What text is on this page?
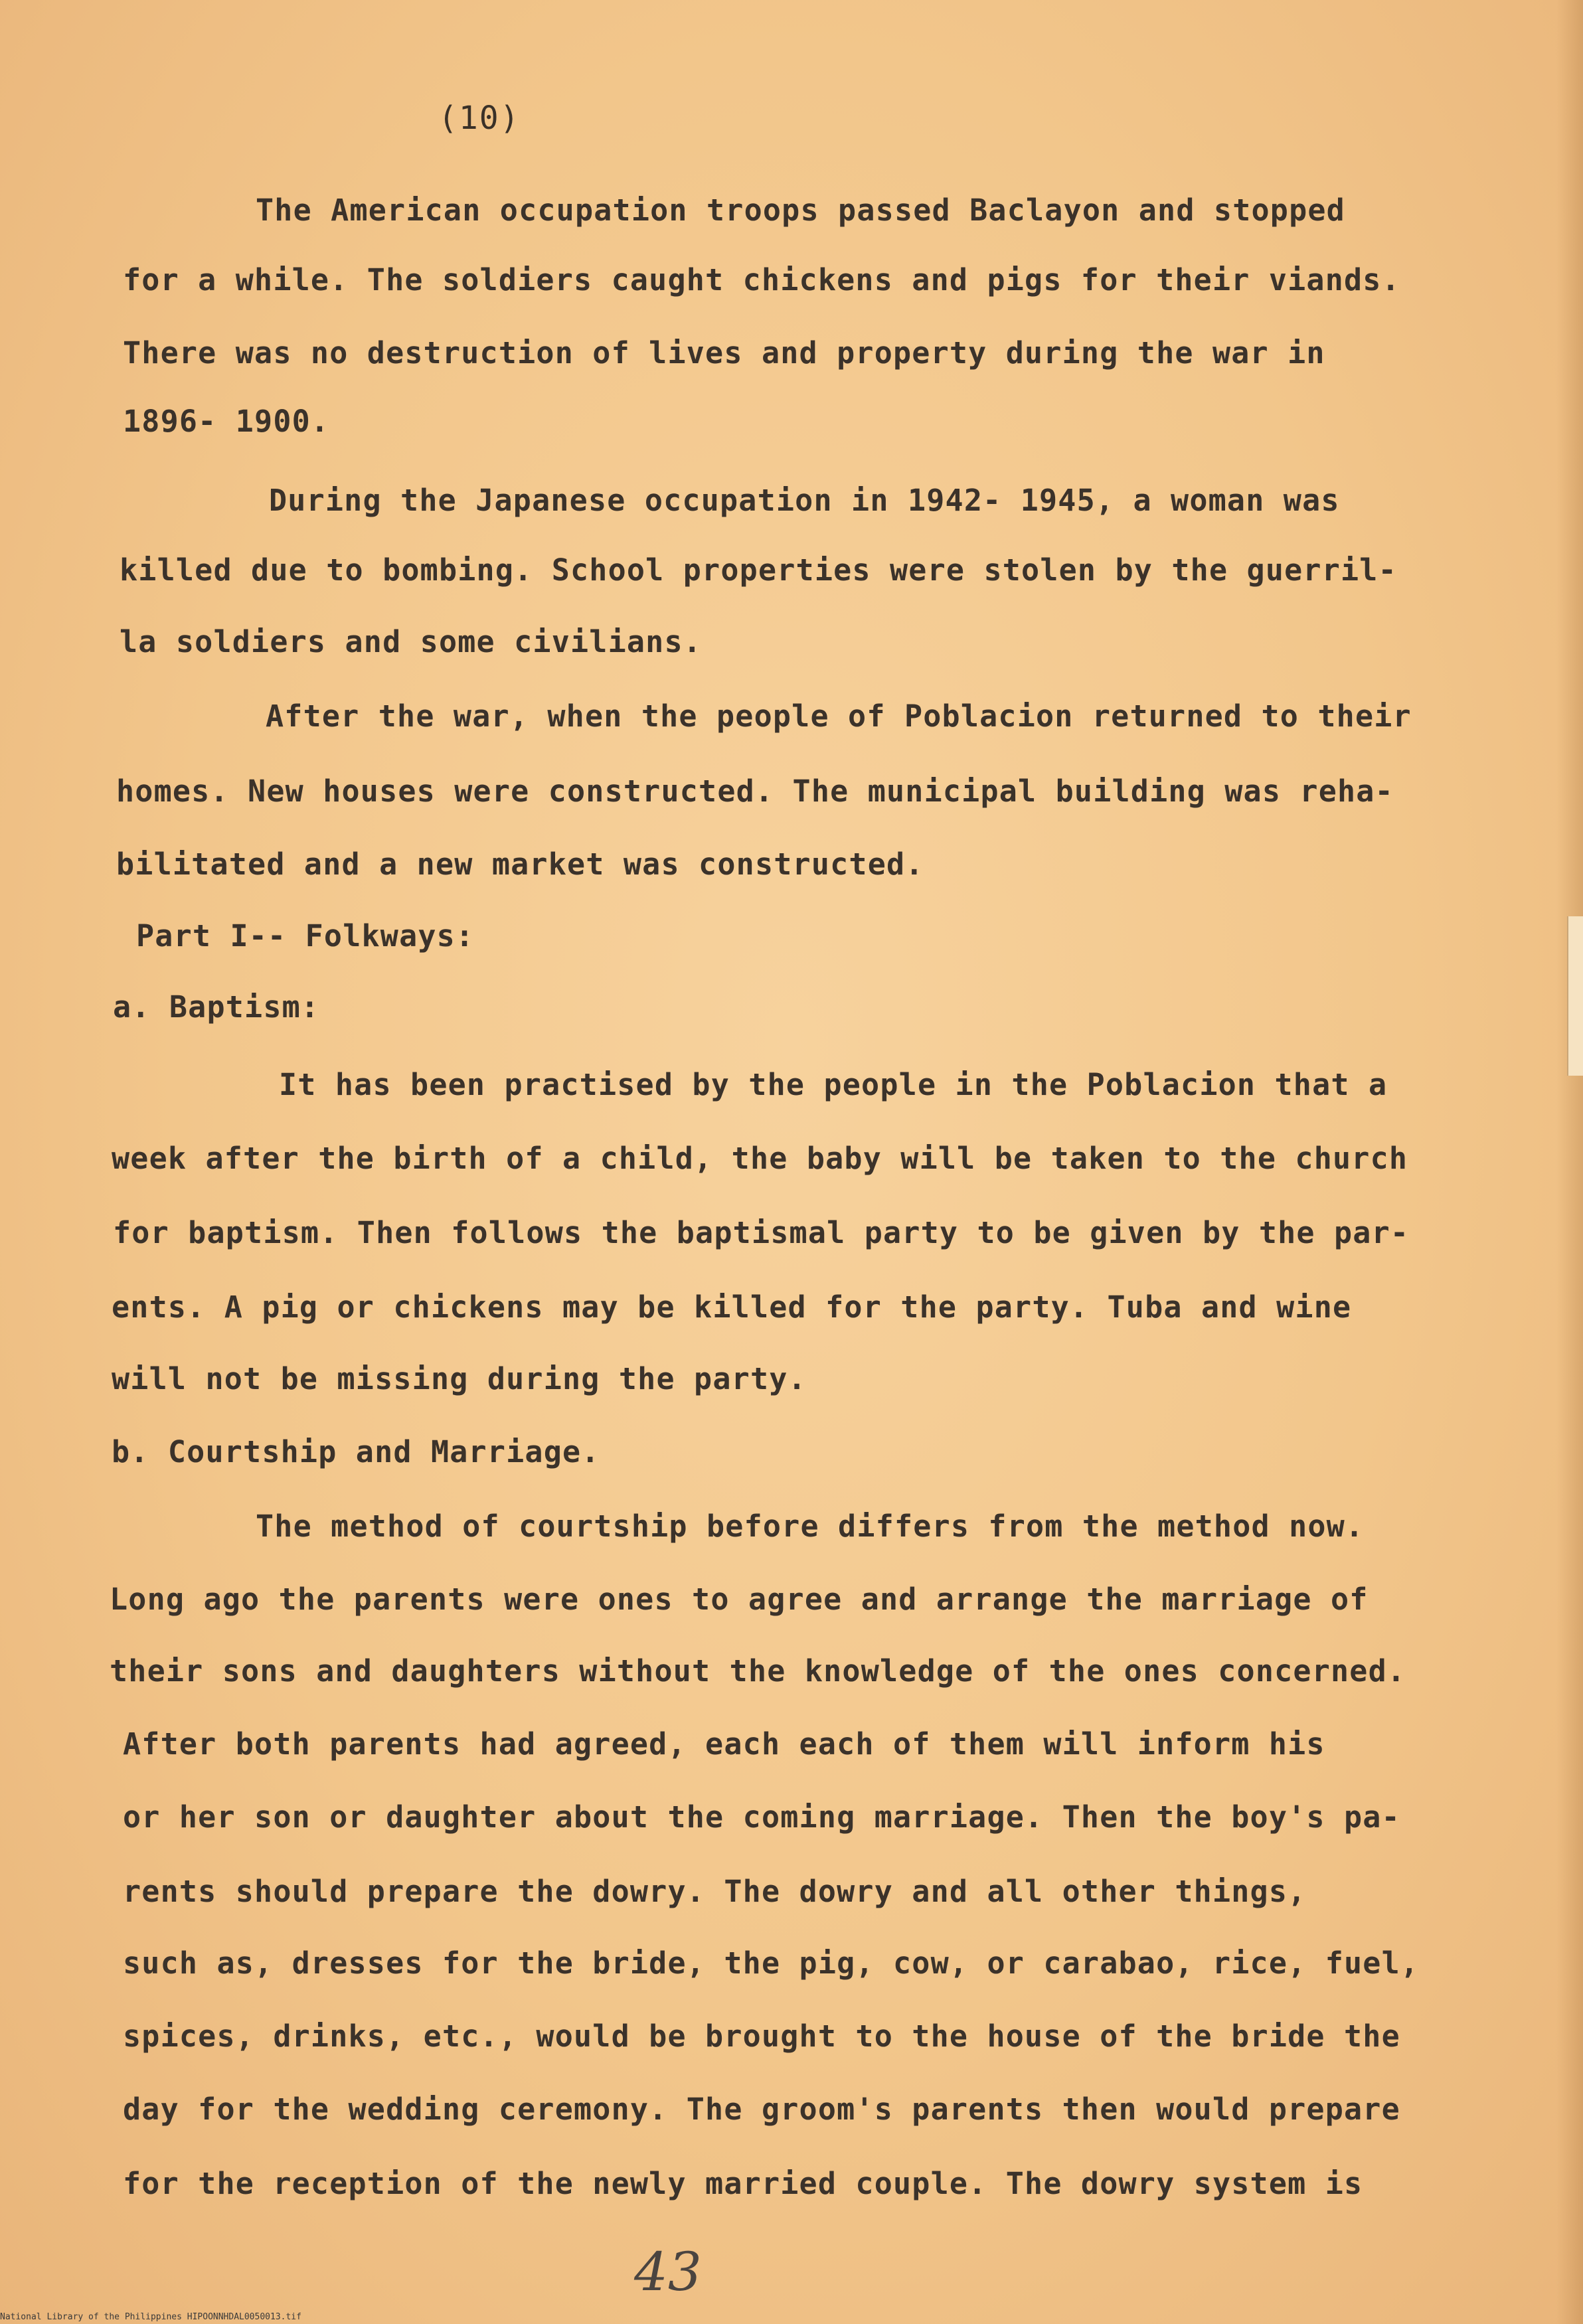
(10)
The American occupation troops passed Baclayon and stopped
for a while. The soldiers caught chickens and pigs for their viands.
There was no destruction of lives and property during the war in
1896- 1900.
During the Japanese occupation in 1942- 1945, a woman was
killed due to bombing. School properties were stolen by the guerril-
la soldiers and some civilians.
After the war, when the people of Poblacion returned to their
homes. New houses were constructed. The municipal building was reha-
bilitated and a new market was constructed.
Part I-- Folkways:
a. Baptism:
It has been practised by the people in the Poblacion that a
week after the birth of a child, the baby will be taken to the church
for baptism. Then follows the baptismal party to be given by the par-
ents. A pig or chickens may be killed for the party. Tuba and wine
will not be missing during the party.
b. Courtship and Marriage.
The method of courtship before differs from the method now.
Long ago the parents were ones to agree and arrange the marriage of
their sons and daughters without the knowledge of the ones concerned.
After both parents had agreed, each each of them will inform his
or her son or daughter about the coming marriage. Then the boy's pa-
rents should prepare the dowry. The dowry and all other things,
such as, dresses for the bride, the pig, cow, or carabao, rice, fuel,
spices, drinks, etc., would be brought to the house of the bride the
day for the wedding ceremony. The groom's parents then would prepare
for the reception of the newly married couple. The dowry system is
43
National Library of the Philippines HIPOONNHDAL0050013.tif
